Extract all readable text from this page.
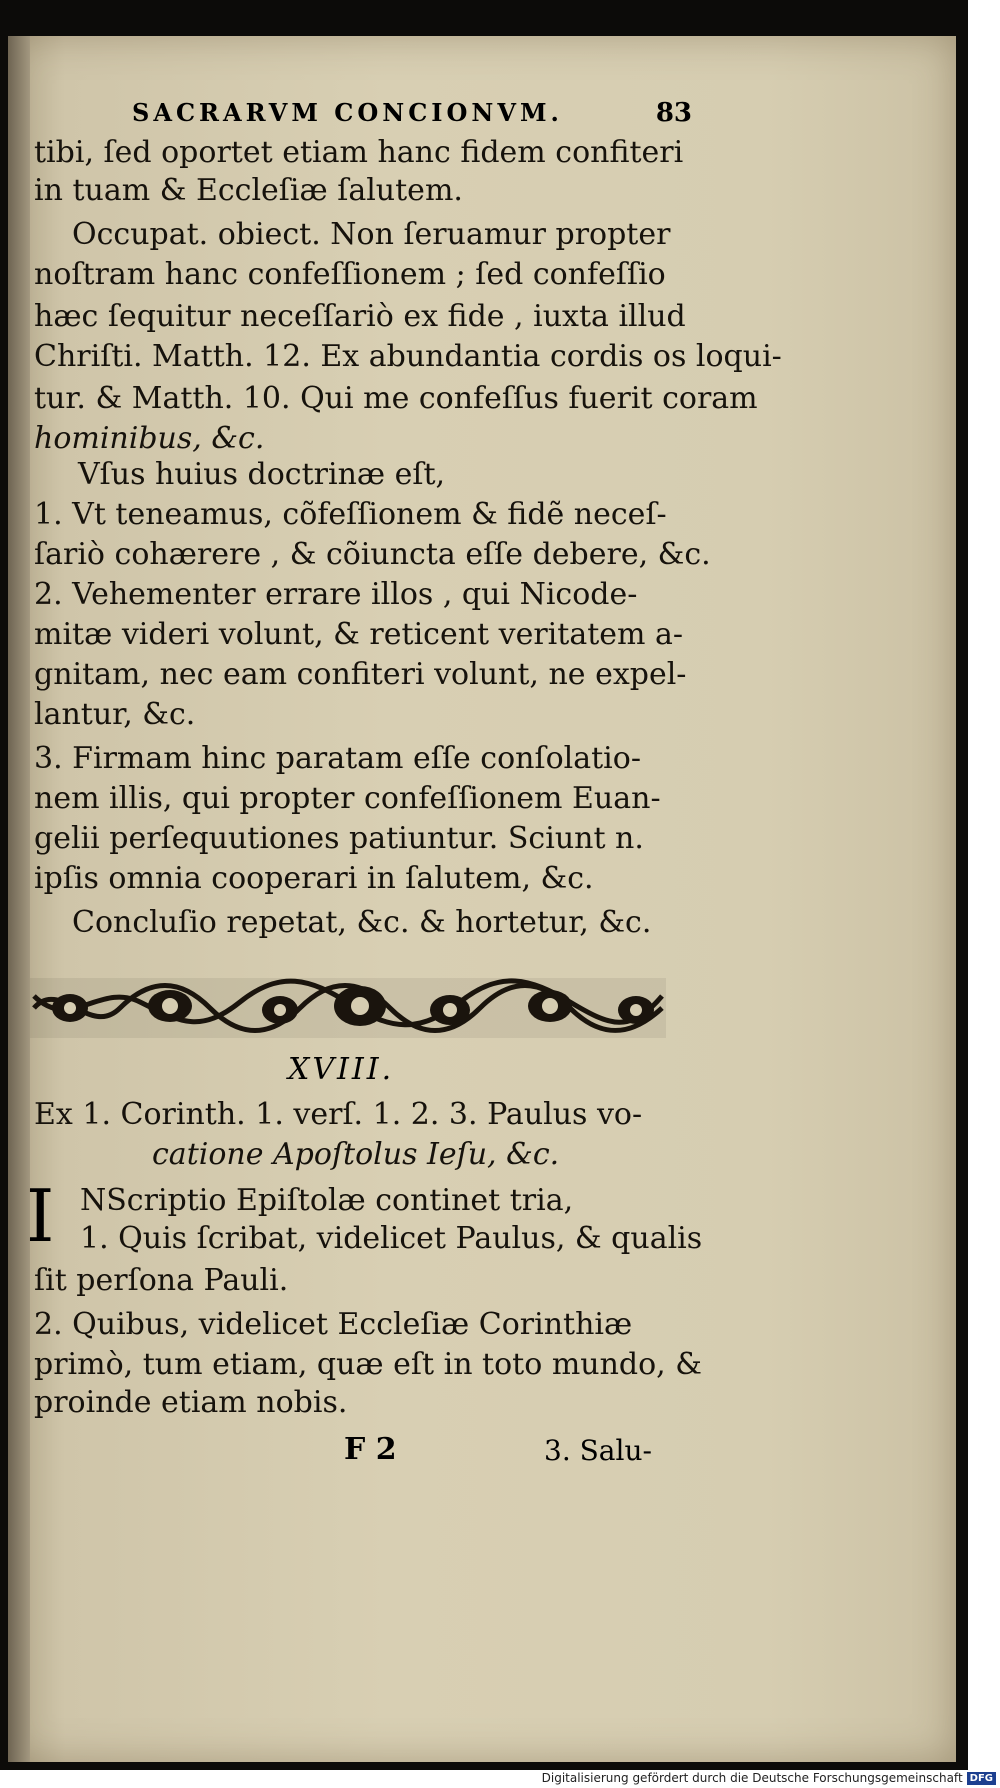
SACRARVM CONCIONVM.	83
tibi, ſed oportet etiam hanc fidem confiteri
in tuam & Eccleſiæ ſalutem.
Occupat. obiect. Non ſeruamur propter
noſtram hanc confeſſionem ; ſed confeſſio
hæc ſequitur neceſſariò ex fide , iuxta illud
Chriſti. Matth. 12. Ex abundantia cordis os loqui-
tur. & Matth. 10. Qui me confeſſus fuerit coram
hominibus, &c.
Vſus huius doctrinæ eſt,
1. Vt teneamus, cõfeſſionem & fidẽ neceſ-
ſariò cohærere , & cõiuncta eſſe debere, &c.
2. Vehementer errare illos , qui Nicode-
mitæ videri volunt, & reticent veritatem a-
gnitam, nec eam confiteri volunt, ne expel-
lantur, &c.
3. Firmam hinc paratam eſſe conſolatio-
nem illis, qui propter confeſſionem Euan-
gelii perſequutiones patiuntur. Sciunt n.
ipſis omnia cooperari in ſalutem, &c.
Concluſio repetat, &c. & hortetur, &c.
XVIII.
Ex 1. Corinth. 1. verſ. 1. 2. 3. Paulus vo-
catione Apoſtolus Ieſu, &c.
NScriptio Epiſtolæ continet tria,
1. Quis ſcribat, videlicet Paulus, & qualis
ſit perſona Pauli.
2. Quibus, videlicet Eccleſiæ Corinthiæ
primò, tum etiam, quæ eſt in toto mundo, &
proinde etiam nobis.
I
F 2	3. Salu-
Digitalisierung gefördert durch die Deutsche Forschungsgemeinschaft DFG
